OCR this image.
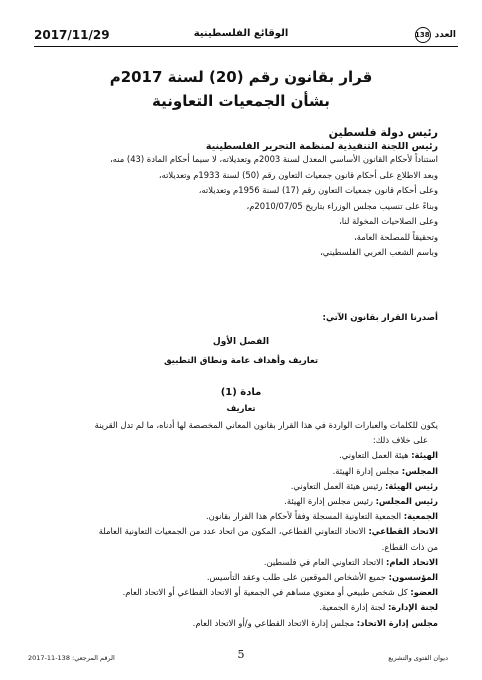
2017/11/29	الوقائع الفلسطينية	العدد
138
قرار بقانون رقم (20) لسنة 2017م
بشأن الجمعيات التعاونية
رئيس دولة فلسطين
رئيس اللجنة التنفيذية لمنظمة التحرير الفلسطينية
استناداً لأحكام القانون الأساسي المعدل لسنة 2003م وتعديلاته، لا سيما أحكام المادة (43) منه،
وبعد الاطلاع على أحكام قانون جمعيات التعاون رقم (50) لسنة 1933م وتعديلاته،
وعلى أحكام قانون جمعيات التعاون رقم (17) لسنة 1956م وتعديلاته،
وبناءً على تنسيب مجلس الوزراء بتاريخ 2010/07/05م،
وعلى الصلاحيات المخولة لنا،
وتحقيقاً للمصلحة العامة،
وباسم الشعب العربي الفلسطيني،
أصدرنا القرار بقانون الآتي:
الفصل الأول
تعاريف وأهداف عامة ونطاق التطبيق
مادة (1)
تعاريف
يكون للكلمات والعبارات الواردة في هذا القرار بقانون المعاني المخصصة لها أدناه، ما لم تدل القرينة
على خلاف ذلك:
الهيئة: هيئة العمل التعاوني.
المجلس: مجلس إدارة الهيئة.
رئيس الهيئة: رئيس هيئة العمل التعاوني.
رئيس المجلس: رئيس مجلس إدارة الهيئة.
الجمعية: الجمعية التعاونية المسجلة وفقاً لأحكام هذا القرار بقانون.
الاتحاد القطاعي: الاتحاد التعاوني القطاعي، المكون من اتحاد عدد من الجمعيات التعاونية العاملة
من ذات القطاع.
الاتحاد العام: الاتحاد التعاوني العام في فلسطين.
المؤسسون: جميع الأشخاص الموقعين على طلب وعقد التأسيس.
العضو: كل شخص طبيعي أو معنوي مساهم في الجمعية أو الاتحاد القطاعي أو الاتحاد العام.
لجنة الإدارة: لجنة إدارة الجمعية.
مجلس إدارة الاتحاد: مجلس إدارة الاتحاد القطاعي و/أو الاتحاد العام.
الرقم المرجعي: 138-11-2017	5	ديوان الفتوى والتشريع
